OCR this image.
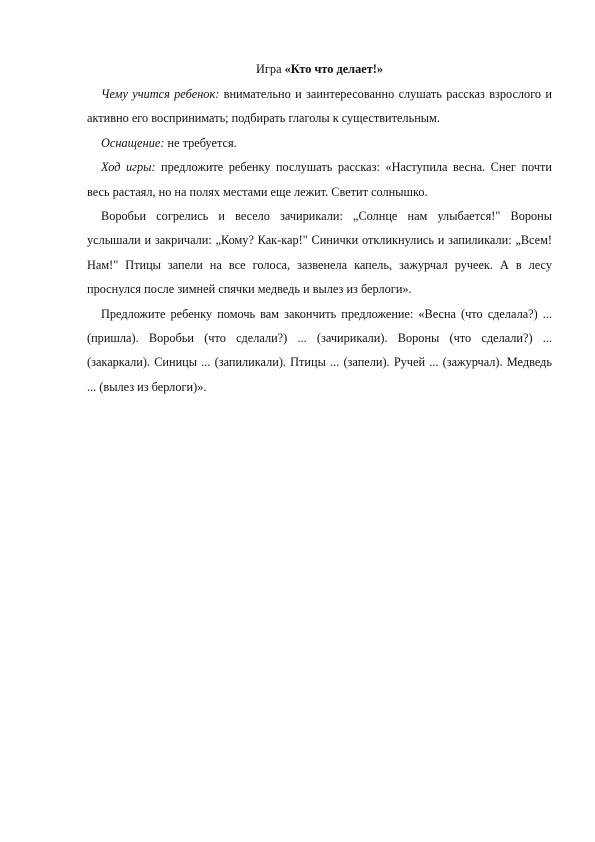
Игра «Кто что делает!»

Чему учится ребенок: внимательно и заинтересованно слушать рассказ взрослого и активно его воспринимать; подбирать глаголы к существительным.

Оснащение: не требуется.

Ход игры: предложите ребенку послушать рассказ: «Наступила весна. Снег почти весь растаял, но на полях местами еще лежит. Светит солнышко.

Воробьи согрелись и весело зачирикали: „Солнце нам улыбается!" Вороны услышали и закричали: „Кому? Как-кар!" Синички откликнулись и запиликали: „Всем! Нам!" Птицы запели на все голоса, зазвенела капель, зажурчал ручеек. А в лесу проснулся после зимней спячки медведь и вылез из берлоги».

Предложите ребенку помочь вам закончить предложение: «Весна (что сделала?) ... (пришла). Воробьи (что сделали?) ... (зачирикали). Вороны (что сделали?) ... (закаркали). Синицы ... (запиликали). Птицы ... (запели). Ручей ... (зажурчал). Медведь ... (вылез из берлоги)».
